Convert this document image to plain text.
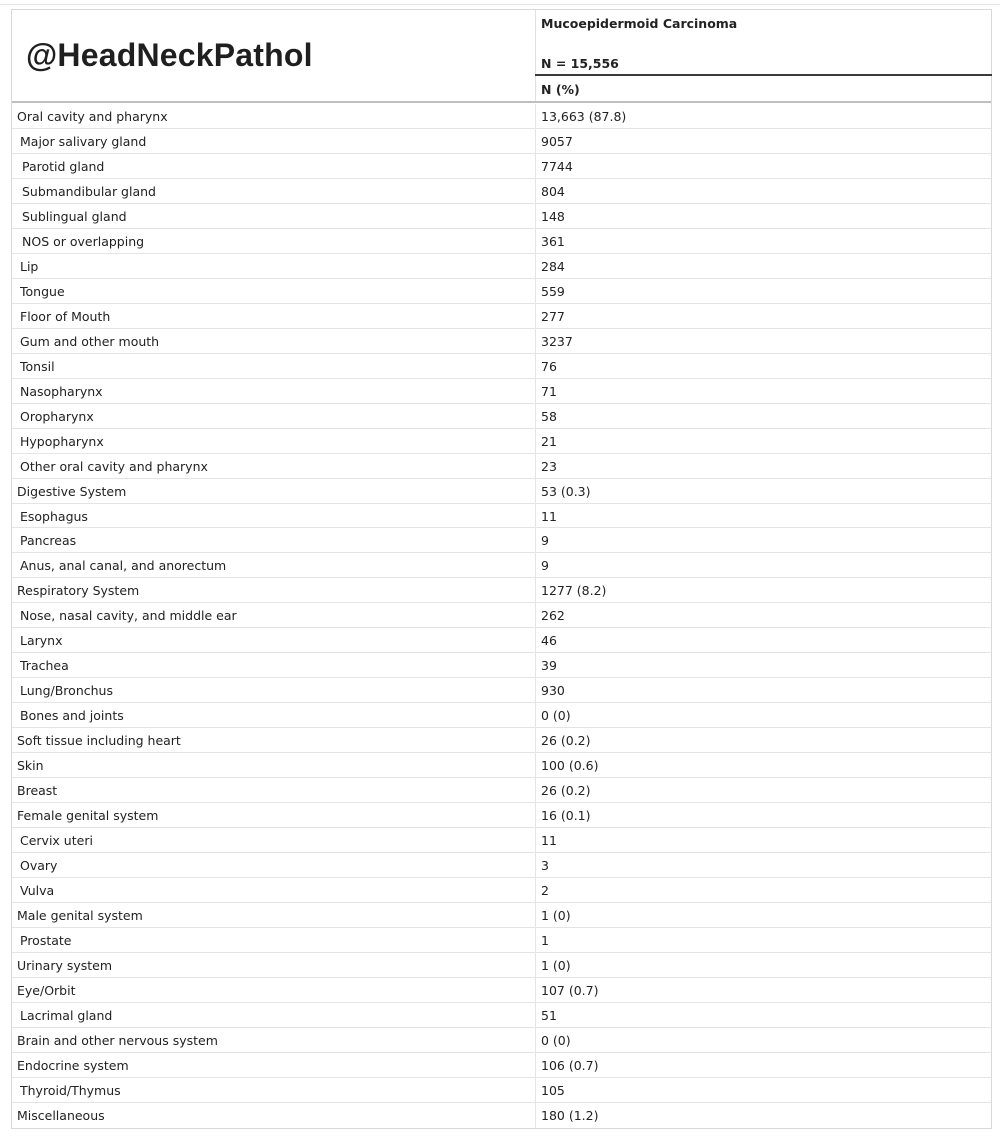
@HeadNeckPathol
Mucoepidermoid Carcinoma
N = 15,556
N (%)
Oral cavity and pharynx	13,663 (87.8)
Major salivary gland	9057
Parotid gland	7744
Submandibular gland	804
Sublingual gland	148
NOS or overlapping	361
Lip	284
Tongue	559
Floor of Mouth	277
Gum and other mouth	3237
Tonsil	76
Nasopharynx	71
Oropharynx	58
Hypopharynx	21
Other oral cavity and pharynx	23
Digestive System	53 (0.3)
Esophagus	11
Pancreas	9
Anus, anal canal, and anorectum	9
Respiratory System	1277 (8.2)
Nose, nasal cavity, and middle ear	262
Larynx	46
Trachea	39
Lung/Bronchus	930
Bones and joints	0 (0)
Soft tissue including heart	26 (0.2)
Skin	100 (0.6)
Breast	26 (0.2)
Female genital system	16 (0.1)
Cervix uteri	11
Ovary	3
Vulva	2
Male genital system	1 (0)
Prostate	1
Urinary system	1 (0)
Eye/Orbit	107 (0.7)
Lacrimal gland	51
Brain and other nervous system	0 (0)
Endocrine system	106 (0.7)
Thyroid/Thymus	105
Miscellaneous	180 (1.2)
